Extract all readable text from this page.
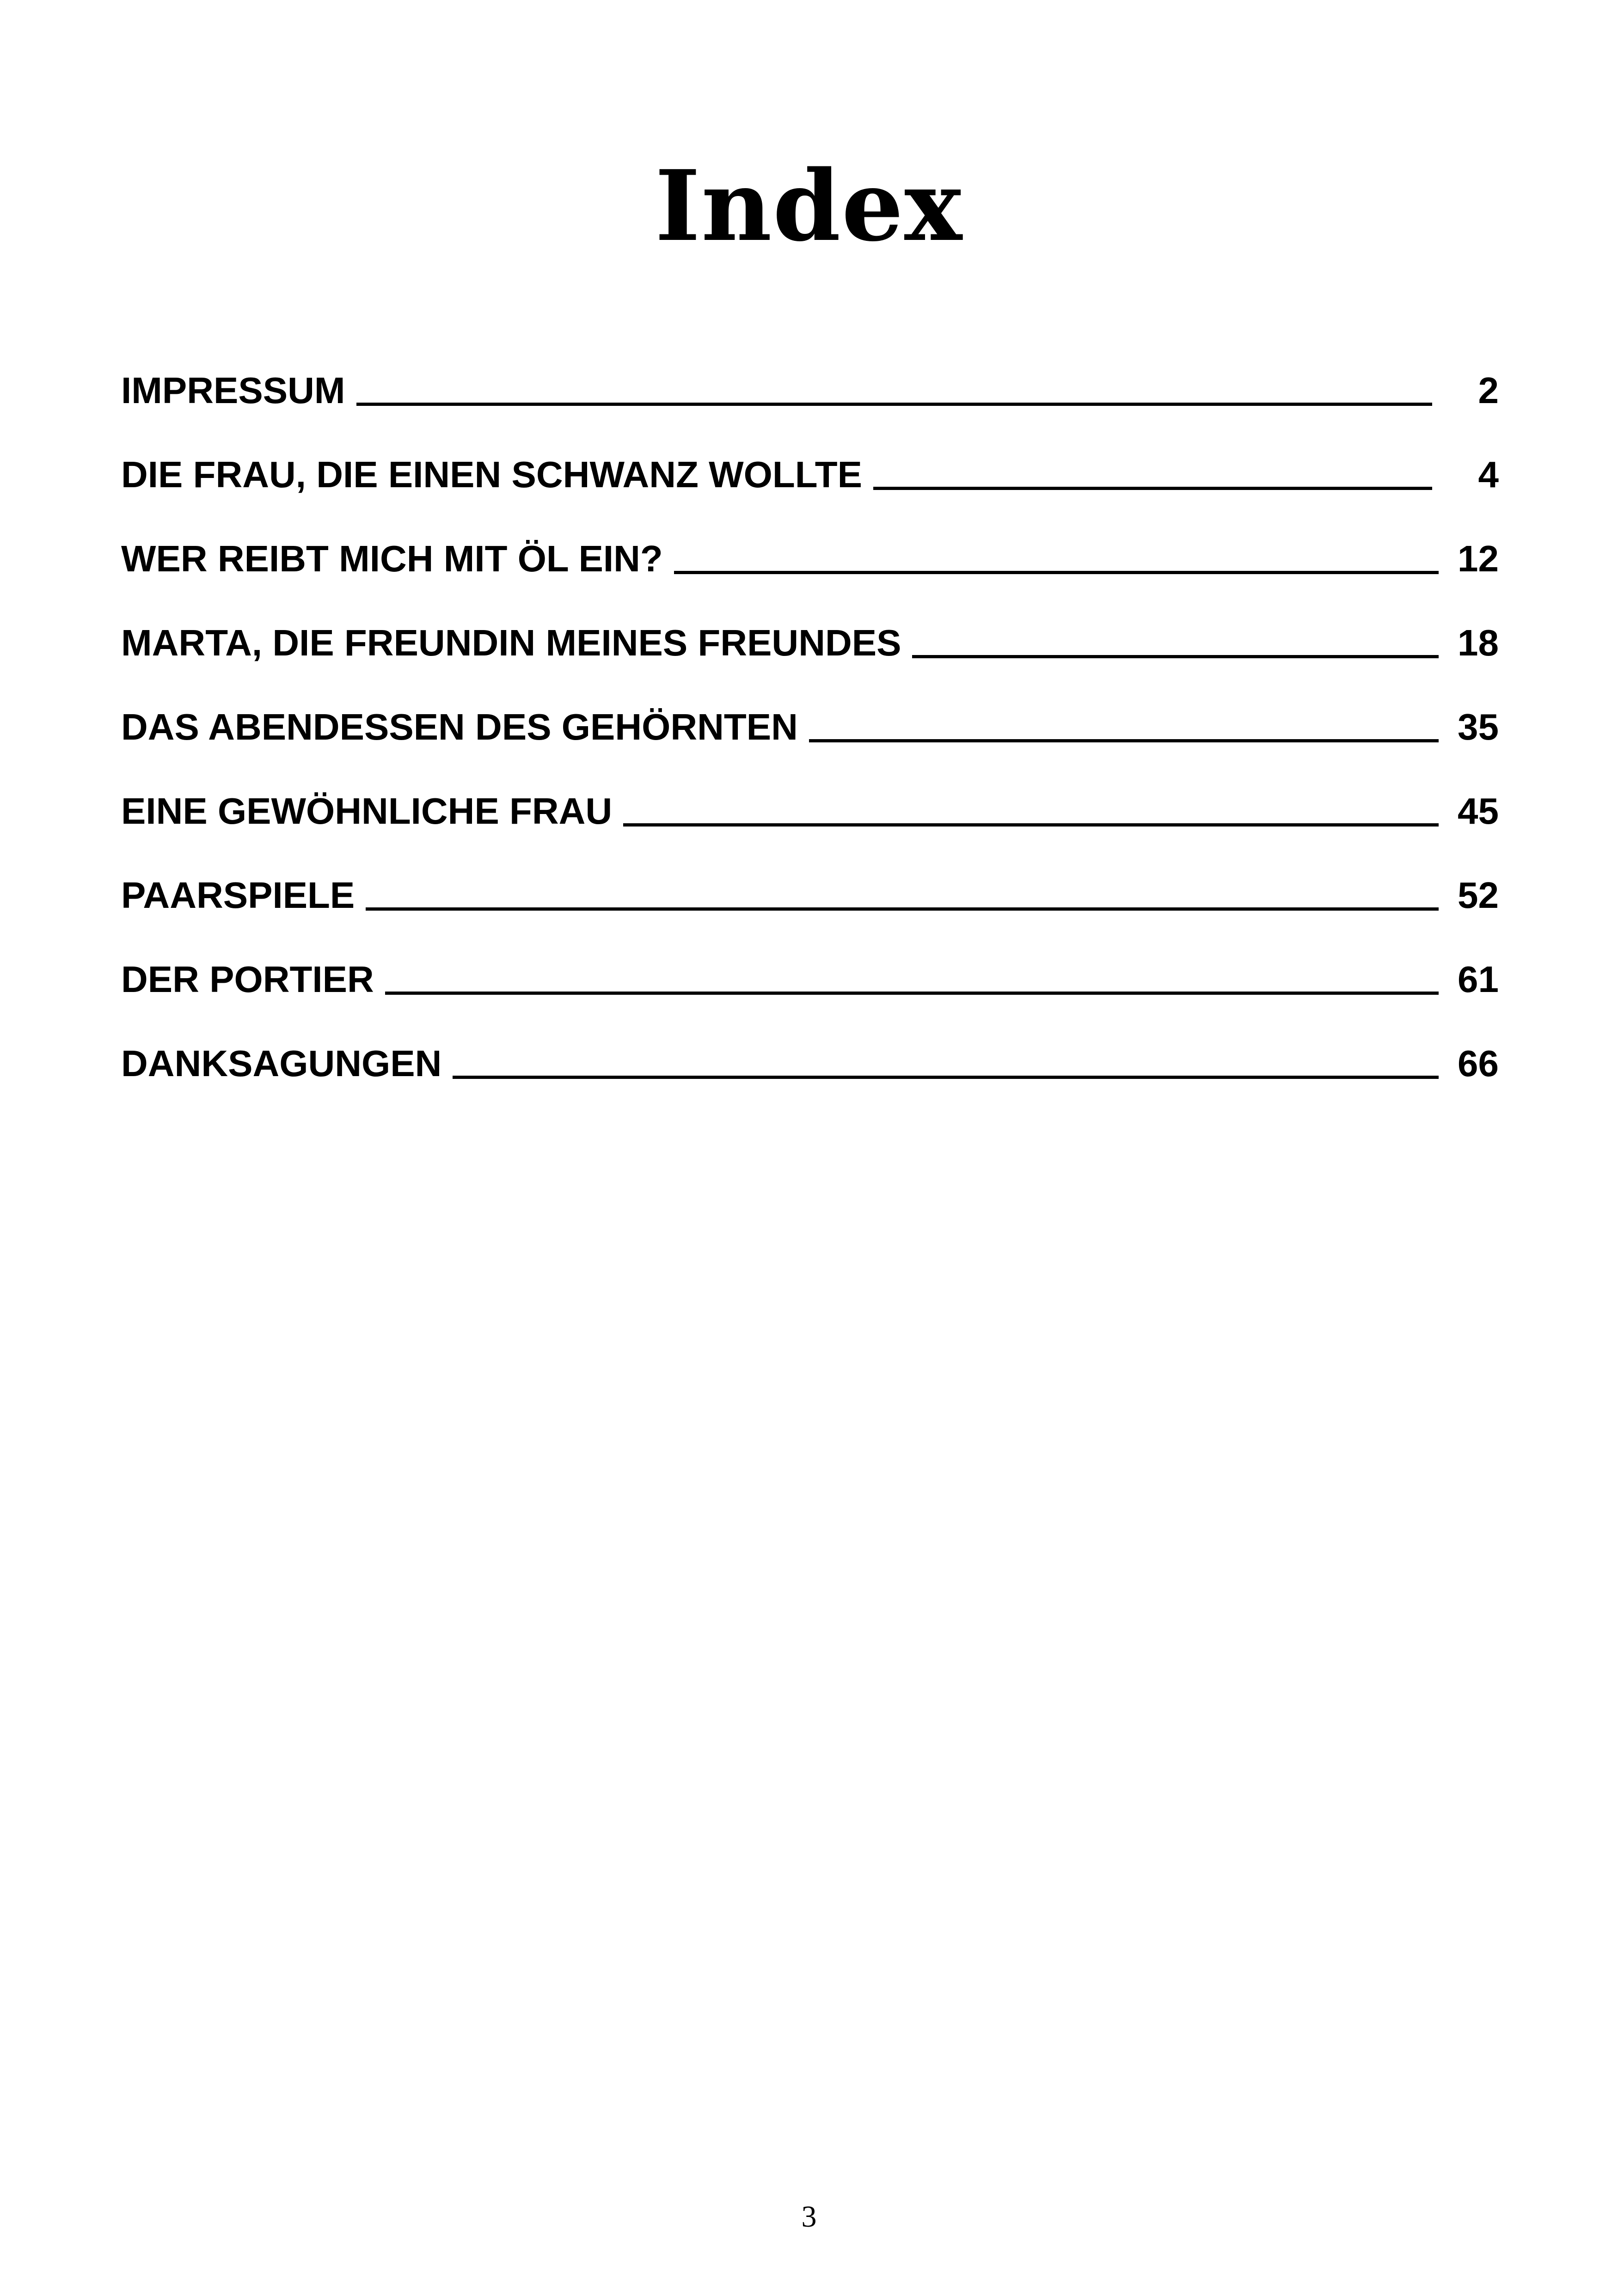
Index
IMPRESSUM	2
DIE FRAU, DIE EINEN SCHWANZ WOLLTE	4
WER REIBT MICH MIT ÖL EIN?	12
MARTA, DIE FREUNDIN MEINES FREUNDES	18
DAS ABENDESSEN DES GEHÖRNTEN	35
EINE GEWÖHNLICHE FRAU	45
PAARSPIELE	52
DER PORTIER	61
DANKSAGUNGEN	66
3
